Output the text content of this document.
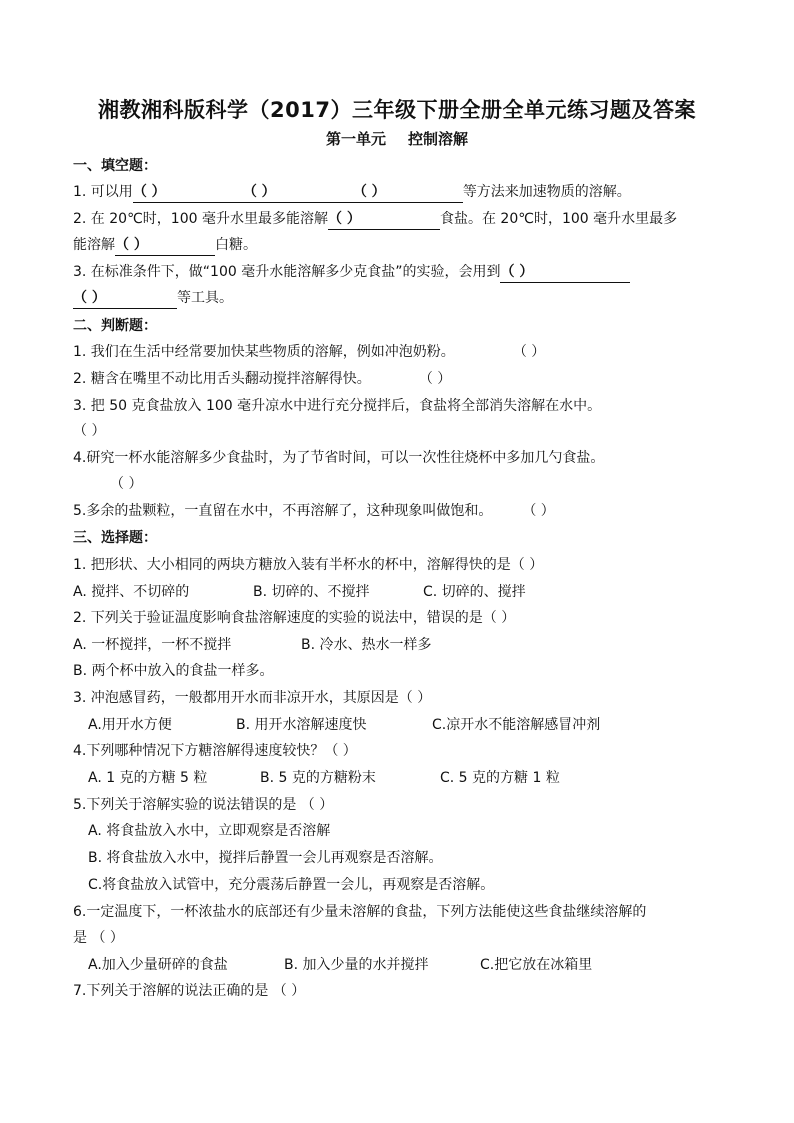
湘教湘科版科学（2017）三年级下册全册全单元练习题及答案
第一单元 控制溶解
一、填空题：
1. 可以用（ ）	（ ）	（ ）	等方法来加速物质的溶解。
2. 在 20℃时，100 毫升水里最多能溶解（ ）	食盐。在 20℃时，100 毫升水里最多
能溶解（ ）	白糖。
3. 在标准条件下，做“100 毫升水能溶解多少克食盐”的实验，会用到（ ）
（ ）	等工具。
二、判断题：
1. 我们在生活中经常要加快某些物质的溶解，例如冲泡奶粉。	（ ）
2. 糖含在嘴里不动比用舌头翻动搅拌溶解得快。	（ ）
3. 把 50 克食盐放入 100 毫升凉水中进行充分搅拌后，食盐将全部消失溶解在水中。
（ ）
4.研究一杯水能溶解多少食盐时，为了节省时间，可以一次性往烧杯中多加几勺食盐。
（ ）
5.多余的盐颗粒，一直留在水中，不再溶解了，这种现象叫做饱和。 （ ）
三、选择题：
1. 把形状、大小相同的两块方糖放入装有半杯水的杯中，溶解得快的是（ ）
A. 搅拌、不切碎的	B. 切碎的、不搅拌	C. 切碎的、搅拌
2. 下列关于验证温度影响食盐溶解速度的实验的说法中，错误的是（ ）
A. 一杯搅拌，一杯不搅拌	B. 冷水、热水一样多
B. 两个杯中放入的食盐一样多。
3. 冲泡感冒药，一般都用开水而非凉开水，其原因是（ ）
A.用开水方便	B. 用开水溶解速度快	C.凉开水不能溶解感冒冲剂
4.下列哪种情况下方糖溶解得速度较快？（ ）
A. 1 克的方糖 5 粒	B. 5 克的方糖粉末	C. 5 克的方糖 1 粒
5.下列关于溶解实验的说法错误的是 （ ）
A. 将食盐放入水中，立即观察是否溶解
B. 将食盐放入水中，搅拌后静置一会儿再观察是否溶解。
C.将食盐放入试管中，充分震荡后静置一会儿，再观察是否溶解。
6.一定温度下，一杯浓盐水的底部还有少量未溶解的食盐，下列方法能使这些食盐继续溶解的
是 （ ）
A.加入少量研碎的食盐	B. 加入少量的水并搅拌	C.把它放在冰箱里
7.下列关于溶解的说法正确的是 （ ）
